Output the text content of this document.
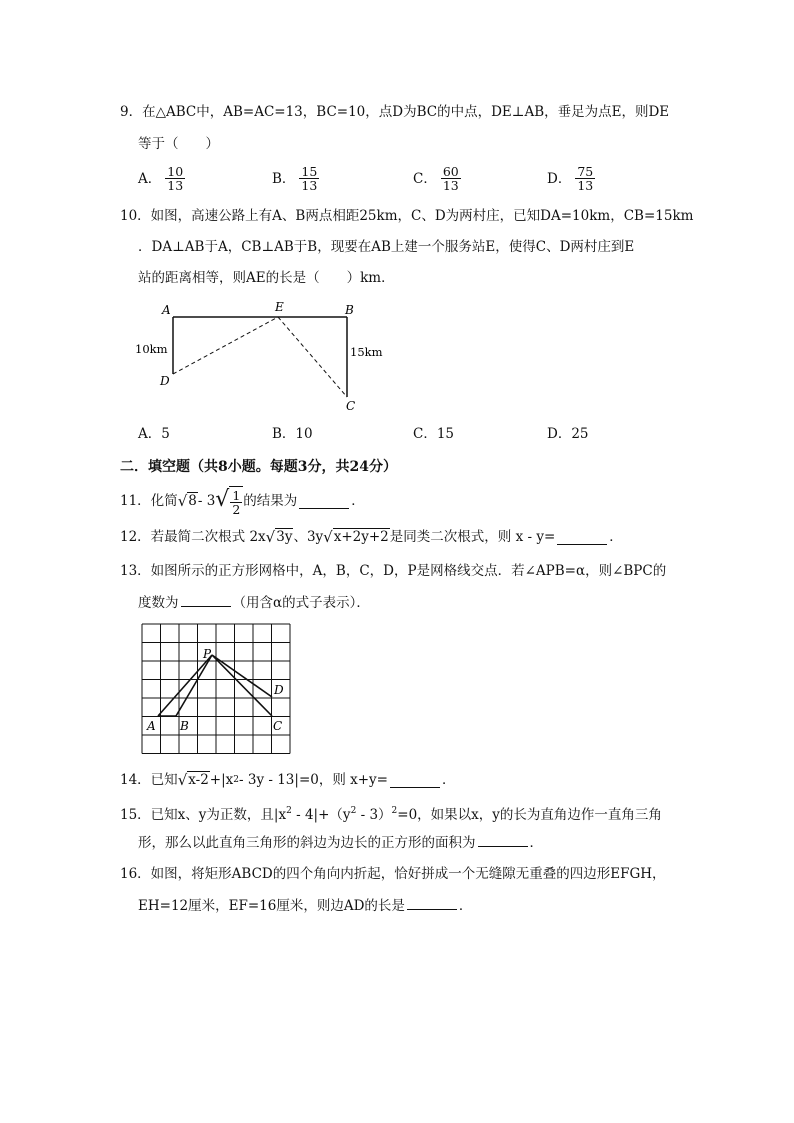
9．在△ABC中，AB=AC=13，BC=10，点D为BC的中点，DE⊥AB，垂足为点E，则DE
等于（　　）
A． $\frac{10}{13}$	B． $\frac{15}{13}$	C． $\frac{60}{13}$	D． $\frac{75}{13}$
10．如图，高速公路上有A、B两点相距25km，C、D为两村庄，已知DA=10km，CB=15km
．DA⊥AB于A，CB⊥AB于B，现要在AB上建一个服务站E，使得C、D两村庄到E
站的距离相等，则AE的长是（　　）km．
A	E	B
D
C
10km	15km
A．5	B．10	C．15	D．25
二．填空题（共8小题。每题3分，共24分）
11．化简 √ 8 - 3 √ $\frac{1}{2}$ 的结果为	．
12．若最简二次根式 2x √ 3y 、3y √ x+2y+2 是同类二次根式，则 x - y=	．
13．如图所示的正方形网格中，A，B，C，D，P是网格线交点．若∠APB=α，则∠BPC的
度数为	（用含α的式子表示）．
P
A B	C
D
14．已知 √ x-2 +|x 2 - 3y - 13|=0，则 x+y=	．
15．已知x、y为正数，且$|x^2 - 4|+(y^2 - 3)^2=0$，如果以x，y的长为直角边作一直角三角
形，那么以此直角三角形的斜边为边长的正方形的面积为	．
16．如图，将矩形ABCD的四个角向内折起，恰好拼成一个无缝隙无重叠的四边形EFGH，
EH=12厘米，EF=16厘米，则边AD的长是	．
